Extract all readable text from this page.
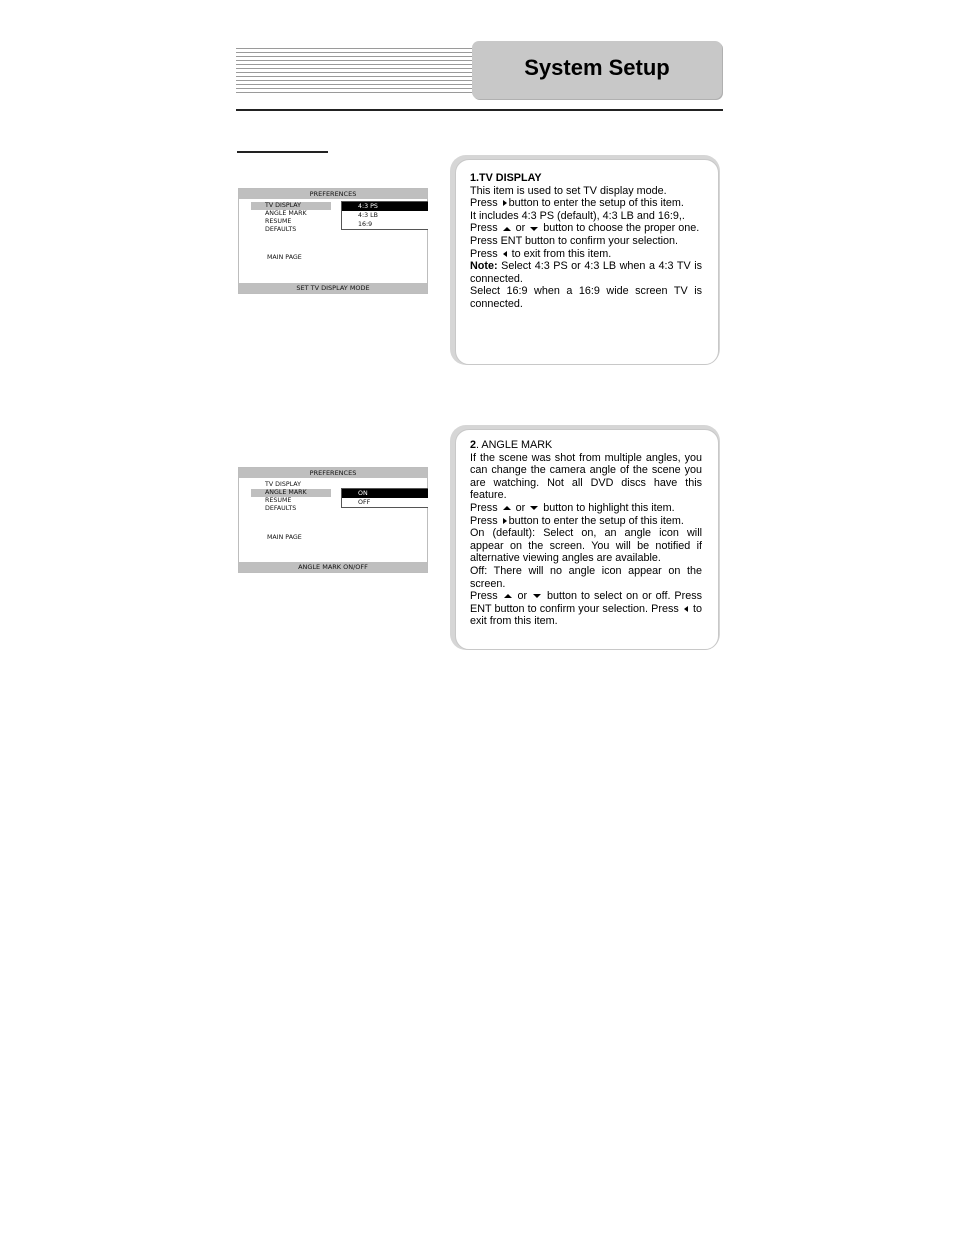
System Setup
PREFERENCES
TV DISPLAY
ANGLE MARK
RESUME
DEFAULTS
MAIN PAGE
4:3 PS
4:3 LB
16:9
SET TV DISPLAY MODE
PREFERENCES
TV DISPLAY
ANGLE MARK
RESUME
DEFAULTS
MAIN PAGE
ON
OFF
ANGLE MARK ON/OFF

1.TV DISPLAY

This item is used to set TV display mode.

Press button to enter the setup of this item.

It includes 4:3 PS (default), 4:3 LB and 16:9,.

Press or button to choose the proper one.

Press ENT button to confirm your selection.

Press to exit from this item.

Note: Select 4:3 PS or 4:3 LB when a 4:3 TV is connected.

Select 16:9 when a 16:9 wide screen TV is connected.

2. ANGLE MARK

If the scene was shot from multiple angles, you can change the camera angle of the scene you are watching. Not all DVD discs have this feature.

Press or button to highlight this item.

Press button to enter the setup of this item.

On (default): Select on, an angle icon will appear on the screen. You will be notified if alternative viewing angles are available.

Off: There will no angle icon appear on the screen.

Press or button to select on or off. Press ENT button to confirm your selection. Press to exit from this item.
